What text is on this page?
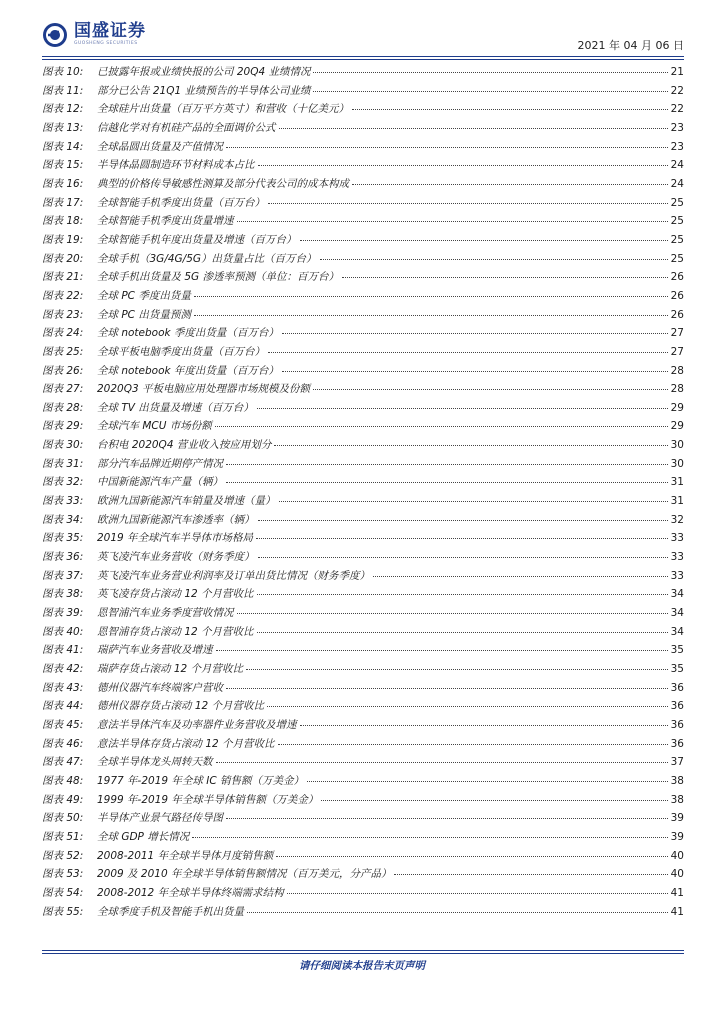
国盛证券
GUOSHENG SECURITIES	2021 年 04 月 06 日
图表 10:	已披露年报或业绩快报的公司 20Q4 业绩情况	21
图表 11:	部分已公告 21Q1 业绩预告的半导体公司业绩	22
图表 12:	全球硅片出货量（百万平方英寸）和营收（十亿美元）	22
图表 13:	信越化学对有机硅产品的全面调价公式	23
图表 14:	全球晶圆出货量及产值情况	23
图表 15:	半导体晶圆制造环节材料成本占比	24
图表 16:	典型的价格传导敏感性测算及部分代表公司的成本构成	24
图表 17:	全球智能手机季度出货量（百万台）	25
图表 18:	全球智能手机季度出货量增速	25
图表 19:	全球智能手机年度出货量及增速（百万台）	25
图表 20:	全球手机（3G/4G/5G）出货量占比（百万台）	25
图表 21:	全球手机出货量及 5G 渗透率预测（单位：百万台）	26
图表 22:	全球 PC 季度出货量	26
图表 23:	全球 PC 出货量预测	26
图表 24:	全球 notebook 季度出货量（百万台）	27
图表 25:	全球平板电脑季度出货量（百万台）	27
图表 26:	全球 notebook 年度出货量（百万台）	28
图表 27:	2020Q3 平板电脑应用处理器市场规模及份额	28
图表 28:	全球 TV 出货量及增速（百万台）	29
图表 29:	全球汽车 MCU 市场份额	29
图表 30:	台积电 2020Q4 营业收入按应用划分	30
图表 31:	部分汽车品牌近期停产情况	30
图表 32:	中国新能源汽车产量（辆）	31
图表 33:	欧洲九国新能源汽车销量及增速（量）	31
图表 34:	欧洲九国新能源汽车渗透率（辆）	32
图表 35:	2019 年全球汽车半导体市场格局	33
图表 36:	英飞凌汽车业务营收（财务季度）	33
图表 37:	英飞凌汽车业务营业利润率及订单出货比情况（财务季度）	33
图表 38:	英飞凌存货占滚动 12 个月营收比	34
图表 39:	恩智浦汽车业务季度营收情况	34
图表 40:	恩智浦存货占滚动 12 个月营收比	34
图表 41:	瑞萨汽车业务营收及增速	35
图表 42:	瑞萨存货占滚动 12 个月营收比	35
图表 43:	德州仪器汽车终端客户营收	36
图表 44:	德州仪器存货占滚动 12 个月营收比	36
图表 45:	意法半导体汽车及功率器件业务营收及增速	36
图表 46:	意法半导体存货占滚动 12 个月营收比	36
图表 47:	全球半导体龙头周转天数	37
图表 48:	1977 年-2019 年全球 IC 销售额（万美金）	38
图表 49:	1999 年-2019 年全球半导体销售额（万美金）	38
图表 50:	半导体产业景气路径传导图	39
图表 51:	全球 GDP 增长情况	39
图表 52:	2008-2011 年全球半导体月度销售额	40
图表 53:	2009 及 2010 年全球半导体销售额情况（百万美元，分产品）	40
图表 54:	2008-2012 年全球半导体终端需求结构	41
图表 55:	全球季度手机及智能手机出货量	41
请仔细阅读本报告末页声明
